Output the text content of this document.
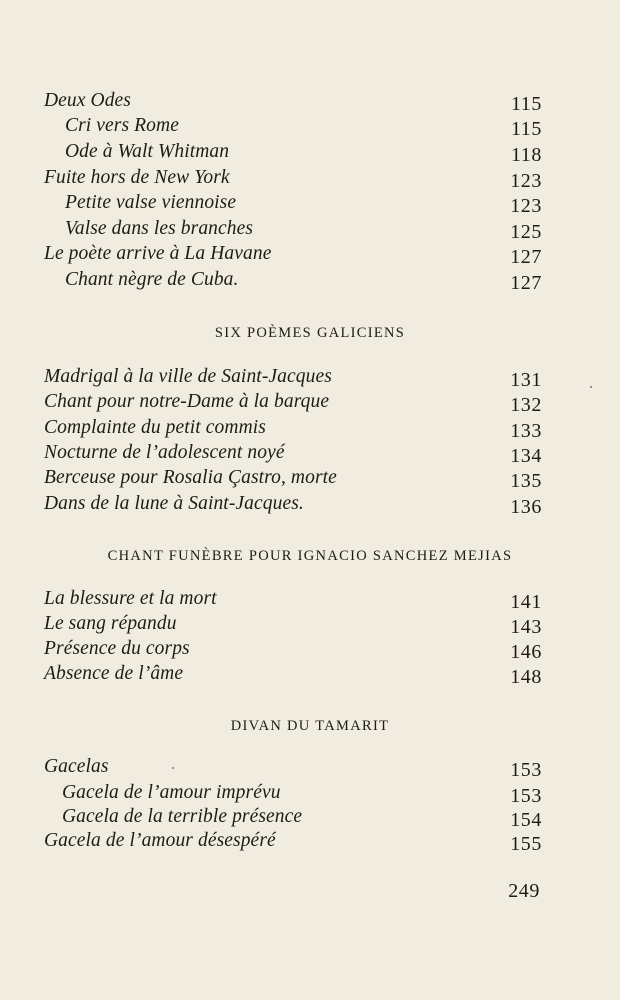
Deux Odes	115
Cri vers Rome	115
Ode à Walt Whitman	118
Fuite hors de New York	123
Petite valse viennoise	123
Valse dans les branches	125
Le poète arrive à La Havane	127
Chant nègre de Cuba.	127
SIX POÈMES GALICIENS
Madrigal à la ville de Saint-Jacques	131
Chant pour notre-Dame à la barque	132
Complainte du petit commis	133
Nocturne de l’adolescent noyé	134
Berceuse pour Rosalia Çastro, morte	135
Dans de la lune à Saint-Jacques.	136
CHANT FUNÈBRE POUR IGNACIO SANCHEZ MEJIAS
La blessure et la mort	141
Le sang répandu	143
Présence du corps	146
Absence de l’âme	148
DIVAN DU TAMARIT
Gacelas	153
Gacela de l’amour imprévu	153
Gacela de la terrible présence	154
Gacela de l’amour désespéré	155
249
